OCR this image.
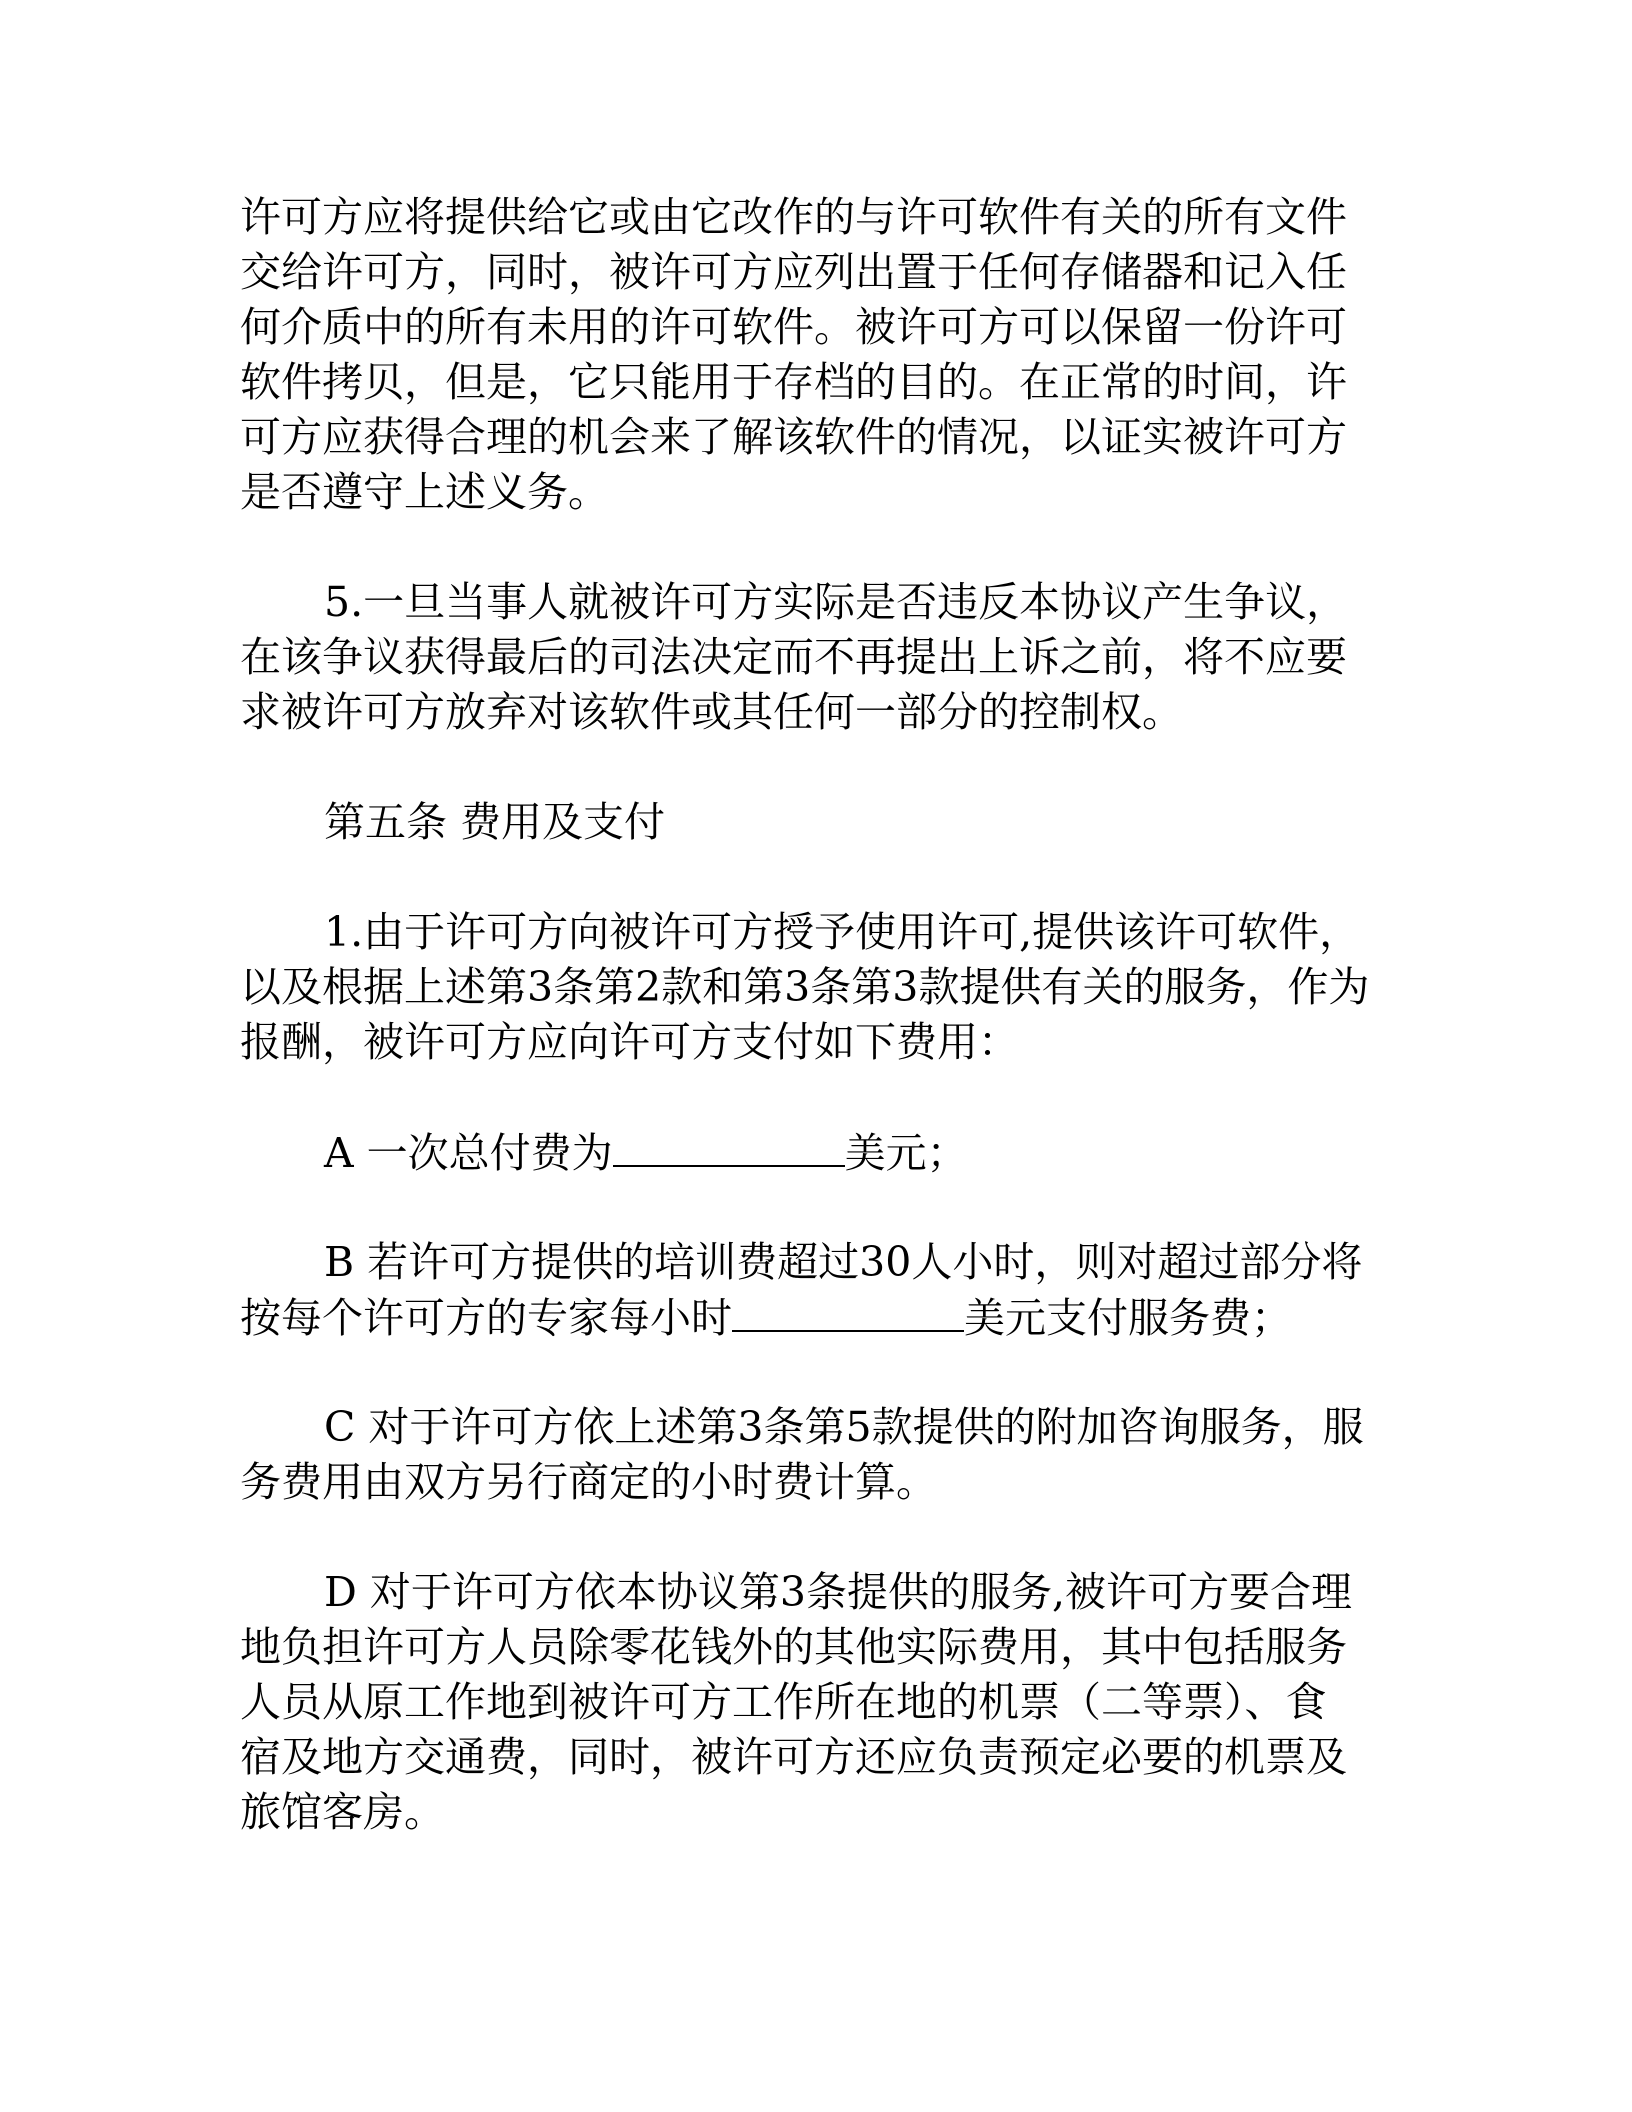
许可方应将提供给它或由它改作的与许可软件有关的所有文件
交给许可方，同时，被许可方应列出置于任何存储器和记入任
何介质中的所有未用的许可软件。被许可方可以保留一份许可
软件拷贝，但是，它只能用于存档的目的。在正常的时间，许
可方应获得合理的机会来了解该软件的情况，以证实被许可方
是否遵守上述义务。
5.一旦当事人就被许可方实际是否违反本协议产生争议，
在该争议获得最后的司法决定而不再提出上诉之前，将不应要
求被许可方放弃对该软件或其任何一部分的控制权。
第五条 费用及支付
1.由于许可方向被许可方授予使用许可,提供该许可软件，
以及根据上述第3条第2款和第3条第3款提供有关的服务，作为
报酬，被许可方应向许可方支付如下费用：
A 一次总付费为	美元；
B 若许可方提供的培训费超过30人小时，则对超过部分将
按每个许可方的专家每小时	美元支付服务费；
C 对于许可方依上述第3条第5款提供的附加咨询服务，服
务费用由双方另行商定的小时费计算。
D 对于许可方依本协议第3条提供的服务,被许可方要合理
地负担许可方人员除零花钱外的其他实际费用，其中包括服务
人员从原工作地到被许可方工作所在地的机票（二等票）、食
宿及地方交通费，同时，被许可方还应负责预定必要的机票及
旅馆客房。
